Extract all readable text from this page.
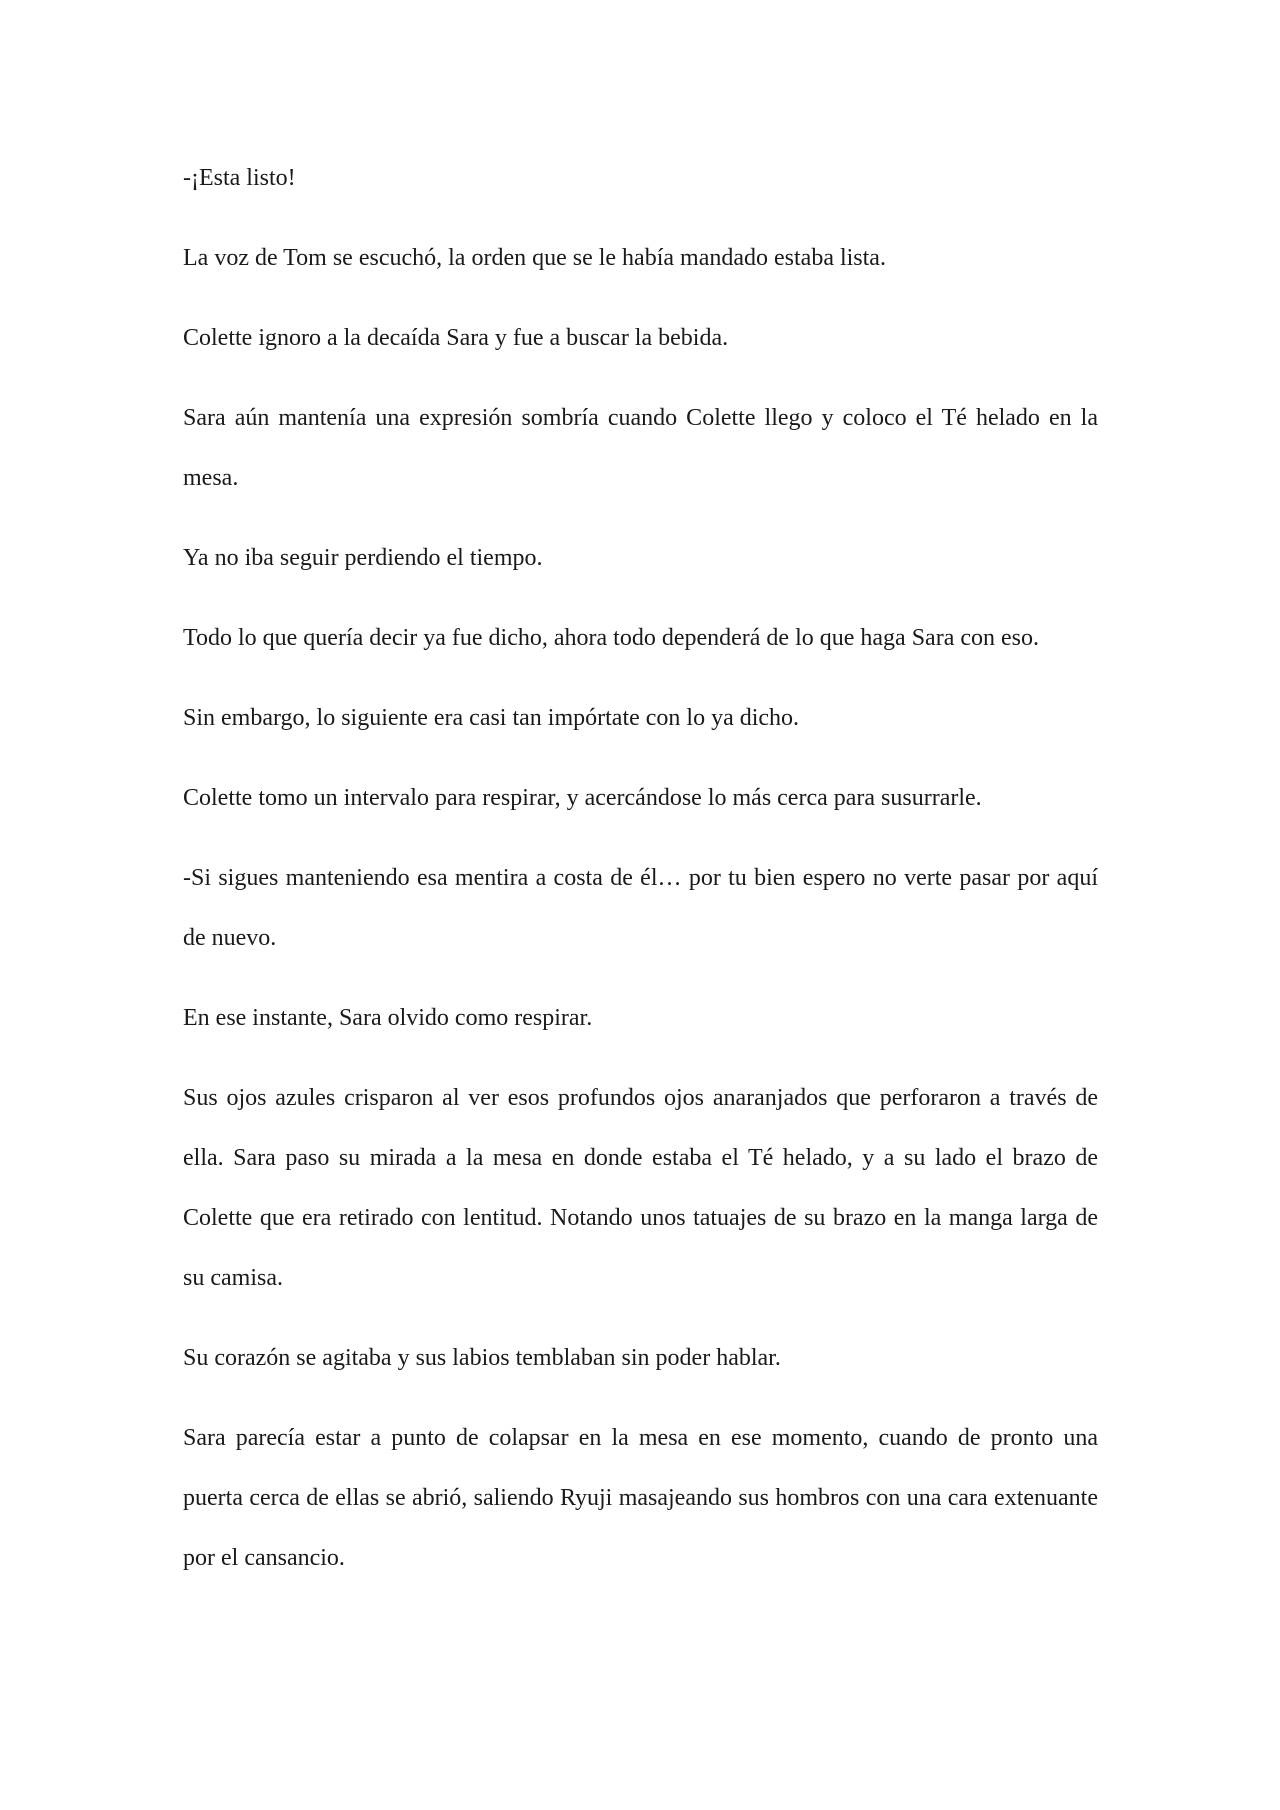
-¡Esta listo!

La voz de Tom se escuchó, la orden que se le había mandado estaba lista.

Colette ignoro a la decaída Sara y fue a buscar la bebida.

Sara aún mantenía una expresión sombría cuando Colette llego y coloco el Té helado en la mesa.

Ya no iba seguir perdiendo el tiempo.

Todo lo que quería decir ya fue dicho, ahora todo dependerá de lo que haga Sara con eso.

Sin embargo, lo siguiente era casi tan impórtate con lo ya dicho.

Colette tomo un intervalo para respirar, y acercándose lo más cerca para susurrarle.

-Si sigues manteniendo esa mentira a costa de él… por tu bien espero no verte pasar por aquí de nuevo.

En ese instante, Sara olvido como respirar.

Sus ojos azules crisparon al ver esos profundos ojos anaranjados que perforaron a través de ella. Sara paso su mirada a la mesa en donde estaba el Té helado, y a su lado el brazo de Colette que era retirado con lentitud. Notando unos tatuajes de su brazo en la manga larga de su camisa.

Su corazón se agitaba y sus labios temblaban sin poder hablar.

Sara parecía estar a punto de colapsar en la mesa en ese momento, cuando de pronto una puerta cerca de ellas se abrió, saliendo Ryuji masajeando sus hombros con una cara extenuante por el cansancio.
